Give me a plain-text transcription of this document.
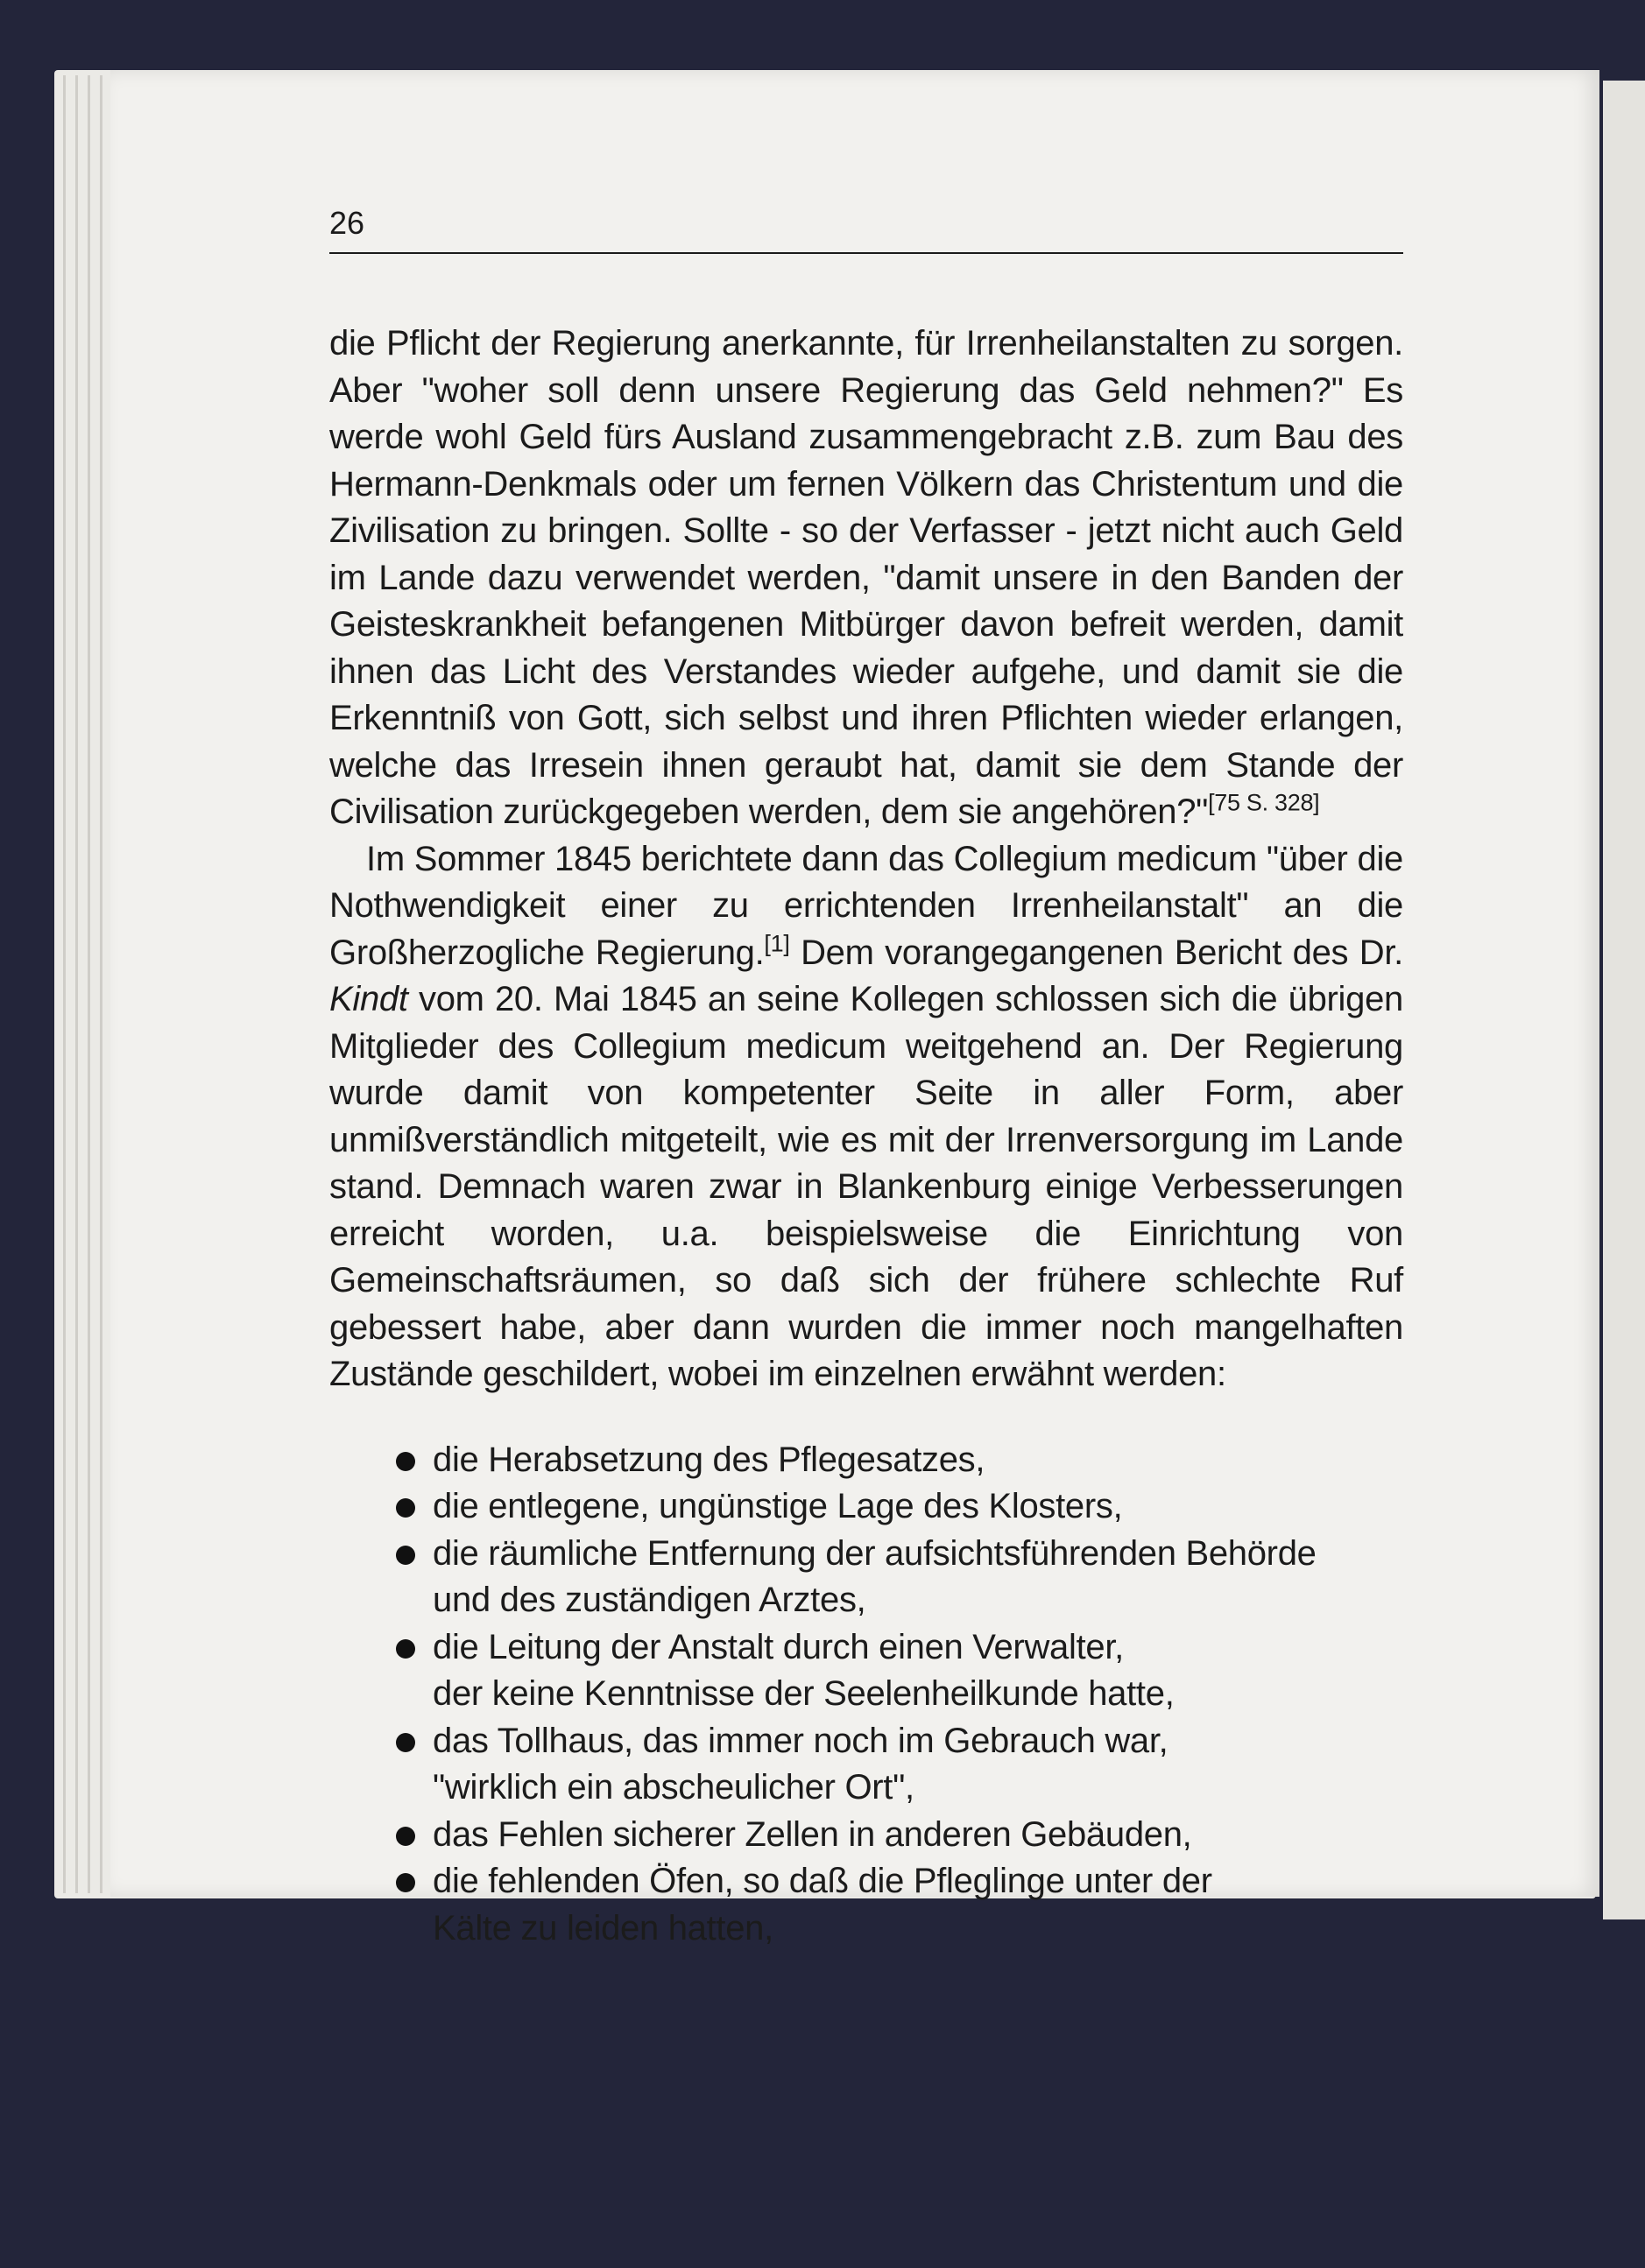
26

die Pflicht der Regierung anerkannte, für Irrenheilanstalten zu sorgen. Aber "woher soll denn unsere Regierung das Geld nehmen?" Es werde wohl Geld fürs Ausland zusammengebracht z.B. zum Bau des Hermann-Denkmals oder um fernen Völkern das Christentum und die Zivilisation zu bringen. Sollte - so der Verfasser - jetzt nicht auch Geld im Lande dazu verwendet werden, "damit unsere in den Banden der Geisteskrankheit befangenen Mitbürger davon befreit werden, damit ihnen das Licht des Verstandes wieder aufgehe, und damit sie die Erkenntniß von Gott, sich selbst und ihren Pflichten wieder erlangen, welche das Irresein ihnen geraubt hat, damit sie dem Stande der Civilisation zurückgegeben werden, dem sie angehören?"[75 S. 328]

Im Sommer 1845 berichtete dann das Collegium medicum "über die Nothwendigkeit einer zu errichtenden Irrenheilanstalt" an die Großherzogliche Regierung.[1] Dem vorangegangenen Bericht des Dr. Kindt vom 20. Mai 1845 an seine Kollegen schlossen sich die übrigen Mitglieder des Collegium medicum weitgehend an. Der Regierung wurde damit von kompetenter Seite in aller Form, aber unmißverständlich mitgeteilt, wie es mit der Irrenversorgung im Lande stand. Demnach waren zwar in Blankenburg einige Verbesserungen erreicht worden, u.a. beispielsweise die Einrichtung von Gemeinschaftsräumen, so daß sich der frühere schlechte Ruf gebessert habe, aber dann wurden die immer noch mangelhaften Zustände geschildert, wobei im einzelnen erwähnt werden:

die Herabsetzung des Pflegesatzes,
die entlegene, ungünstige Lage des Klosters,
die räumliche Entfernung der aufsichtsführenden Behörde
und des zuständigen Arztes,
die Leitung der Anstalt durch einen Verwalter,
der keine Kenntnisse der Seelenheilkunde hatte,
das Tollhaus, das immer noch im Gebrauch war,
"wirklich ein abscheulicher Ort",
das Fehlen sicherer Zellen in anderen Gebäuden,
die fehlenden Öfen, so daß die Pfleglinge unter der
Kälte zu leiden hatten,
